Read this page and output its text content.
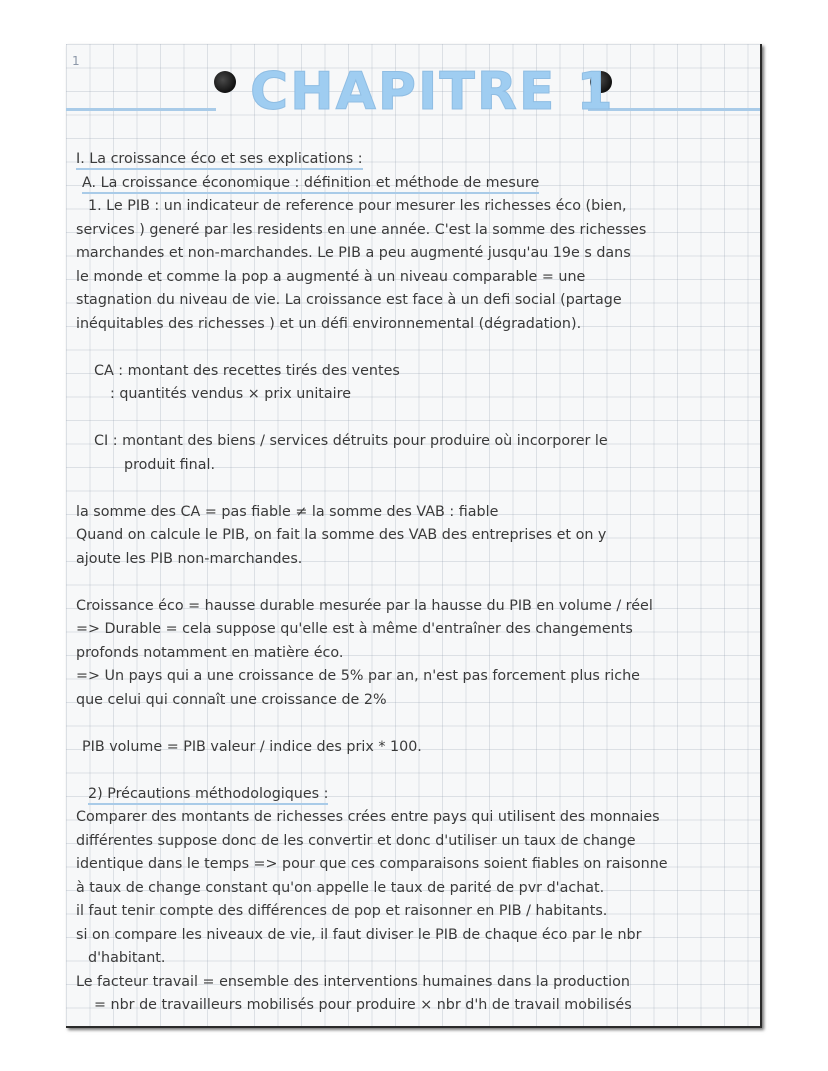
1
CHAPITRE 1
I. La croissance éco et ses explications :
A. La croissance économique : définition et méthode de mesure
1. Le PIB : un indicateur de reference pour mesurer les richesses éco (bien,
services ) generé par les residents en une année. C'est la somme des richesses
marchandes et non-marchandes. Le PIB a peu augmenté jusqu'au 19e s dans
le monde et comme la pop a augmenté à un niveau comparable = une
stagnation du niveau de vie. La croissance est face à un defi social (partage
inéquitables des richesses ) et un défi environnemental (dégradation).
CA : montant des recettes tirés des ventes
: quantités vendus × prix unitaire
CI : montant des biens / services détruits pour produire où incorporer le
produit final.
la somme des CA = pas fiable ≠ la somme des VAB : fiable
Quand on calcule le PIB, on fait la somme des VAB des entreprises et on y
ajoute les PIB non-marchandes.
Croissance éco = hausse durable mesurée par la hausse du PIB en volume / réel
=> Durable = cela suppose qu'elle est à même d'entraîner des changements
profonds notamment en matière éco.
=> Un pays qui a une croissance de 5% par an, n'est pas forcement plus riche
que celui qui connaît une croissance de 2%
PIB volume = PIB valeur / indice des prix * 100.
2) Précautions méthodologiques :
Comparer des montants de richesses crées entre pays qui utilisent des monnaies
différentes suppose donc de les convertir et donc d'utiliser un taux de change
identique dans le temps => pour que ces comparaisons soient fiables on raisonne
à taux de change constant qu'on appelle le taux de parité de pvr d'achat.
il faut tenir compte des différences de pop et raisonner en PIB / habitants.
si on compare les niveaux de vie, il faut diviser le PIB de chaque éco par le nbr
d'habitant.
Le facteur travail = ensemble des interventions humaines dans la production
= nbr de travailleurs mobilisés pour produire × nbr d'h de travail mobilisés
